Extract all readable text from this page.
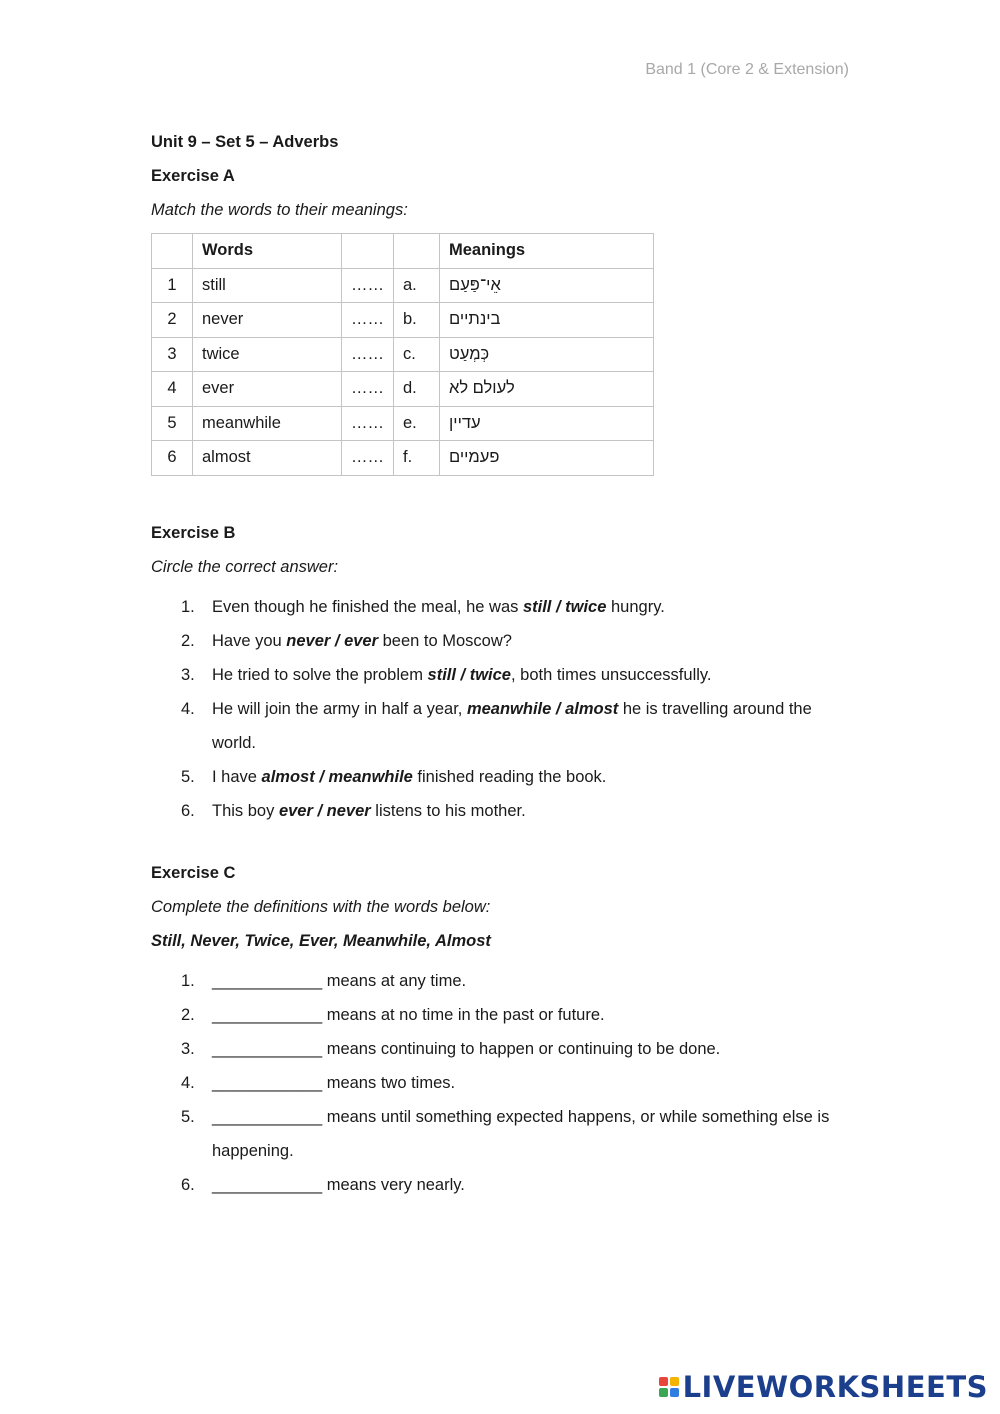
Band 1 (Core 2 & Extension)
Unit 9 – Set 5 – Adverbs
Exercise A
Match the words to their meanings:
	Words			Meanings
1	still	……	a.	אֵי־פַּעַם
2	never	……	b.	בינתיים
3	twice	……	c.	כְּמְעַט
4	ever	……	d.	לעולם לא
5	meanwhile	……	e.	עדיין
6	almost	……	f.	פעמיים
Exercise B
Circle the correct answer:
1. Even though he finished the meal, he was still / twice hungry.
2. Have you never / ever been to Moscow?
3. He tried to solve the problem still / twice, both times unsuccessfully.
4. He will join the army in half a year, meanwhile / almost he is travelling around the world.
5. I have almost / meanwhile finished reading the book.
6. This boy ever / never listens to his mother.
Exercise C
Complete the definitions with the words below:
Still, Never, Twice, Ever, Meanwhile, Almost
1. ____________ means at any time.
2. ____________ means at no time in the past or future.
3. ____________ means continuing to happen or continuing to be done.
4. ____________ means two times.
5. ____________ means until something expected happens, or while something else is happening.
6. ____________ means very nearly.
LIVEWORKSHEETS
